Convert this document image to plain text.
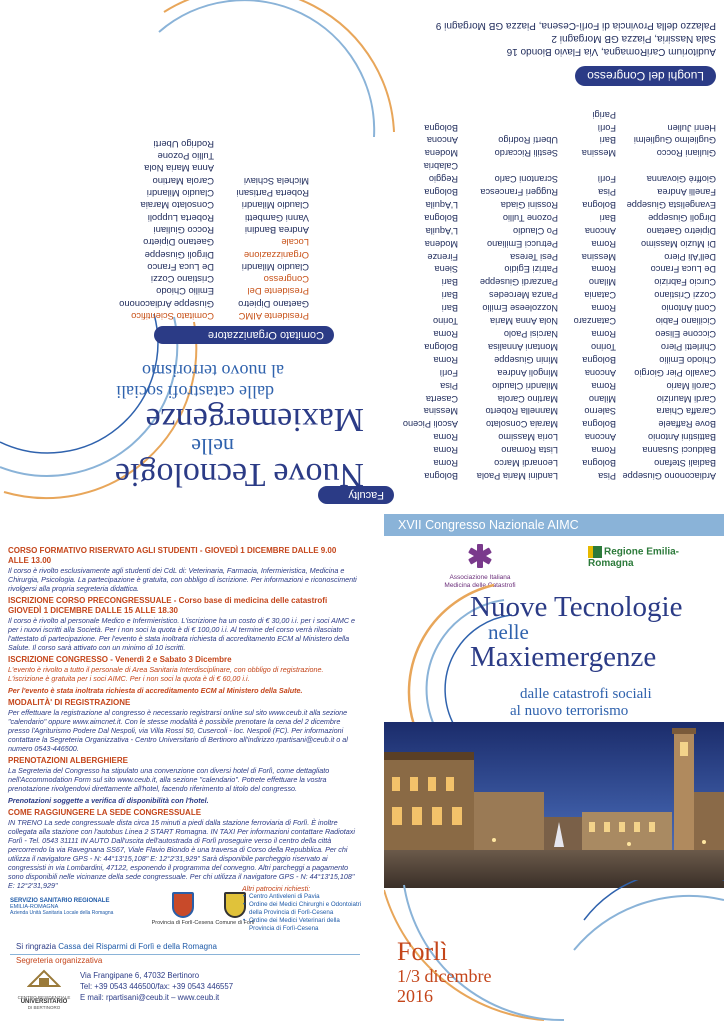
Luoghi del Congresso
Auditorium CariRomagna, Via Flavio Biondo 16
Sala Nassiria, Piazza GB Morgagni 2
Palazzo della Provincia di Forlì-Cesena, Piazza GB Morgagni 9
Faculty
Ardiaconono Giuseppe
Pisa
Landini Maria Paola
Bologna
Badiali Stefano
Bologna
Leonardi Marco
Roma
Balducci Susanna
Roma
Lista Romano
Roma
Battistini Antonio
Ancona
Loria Massimo
Roma
Bove Raffaele
Bologna
Maraia Consolato
Ascoli Piceno
Caraffa Chiara
Salerno
Mannella Roberto
Messina
Cardi Maurizio
Milano
Martino Carola
Caserta
Caroli Mario
Roma
Milandri Claudio
Pisa
Cavallo Pier Giorgio
Ancona
Mingoli Andrea
Forlì
Chiodo Emilio
Bologna
Minin Giuseppe
Roma
Chirletti Piero
Torino
Montani Annalisa
Bologna
Ciccone Eliseo
Roma
Narcisi Paolo
Roma
Ciciliano Fabio
Catanzaro
Nola Anna Maria
Torino
Conti Antonio
Roma
Nozzoleese Emilio
Bari
Cozzi Cristiano
Catania
Panza Mercedes
Bari
Curcio Fabrizio
Milano
Panzardi Giuseppe
Bari
De Luca Franco
Roma
Patrizi Egidio
Siena
Dell'Ali Piero
Messina
Pesi Teresa
Firenze
Di Muzio Massimo
Roma
Petrucci Emiliano
Modena
Dipietro Gaetano
Ancona
Po Claudio
L'Aquila
Dirgoli Giuseppe
Bari
Pozone Tullio
Bologna
Evangelista Giuseppe
Bologna
Rossini Giada
L'Aquila
Fanelli Andrea
Pisa
Ruggeri Francesca
Bologna
Gioffrè Giovanna
Forlì
Scrantoni Carlo
Reggio Calabria
Giuliani Rocco
Messina
Sestili Riccardo
Modena
Guglielmo Guglielmi
Bari
Ubertí Rodrigo
Ancona
Henri Julien
Forlì
Bologna
Parigi
Nuove Tecnologie
nelle
Maxiemergenze
dalle catastrofi sociali
al nuovo terrorismo
Comitato Organizzatore
Presidente AIMC
Gaetano Dipietro
Presidente Del Congresso
Claudio Milandri
Organizzazione Locale
Andrea Bandini
Vanni Gambetti
Claudio Milandri
Roberta Partisani
Michela Schiavi
Comitato Scientifico
Giuseppe Ardiaconono
Emilio Chiodo
Cristiano Cozzi
De Luca Franco
Dirgoli Giuseppe
Gaetano Dipietro
Rocco Giuliani
Roberta Luppoli
Consolato Maraia
Claudio Milandri
Carola Martino
Anna Maria Nola
Tullio Pozone
Rodrigo Uberti
XVII Congresso Nazionale AIMC
Regione Emilia-Romagna
Associazione Italiana
Medicina delle Catastrofi
Nuove Tecnologie
nelle
Maxiemergenze
dalle catastrofi sociali
al nuovo terrorismo
Forlì
1/3 dicembre
2016
CORSO FORMATIVO RISERVATO AGLI STUDENTI - GIOVEDÌ 1 DICEMBRE DALLE 9.00 ALLE 13.00
Il corso è rivolto esclusivamente agli studenti dei CdL di: Veterinaria, Farmacia, Infermieristica, Medicina e Chirurgia, Psicologia. La partecipazione è gratuita, con obbligo di iscrizione. Per informazioni e riconoscimenti rivolgersi alla propria segreteria didattica.
ISCRIZIONE CORSO PRECONGRESSUALE - Corso base di medicina delle catastrofi GIOVEDÌ 1 DICEMBRE DALLE 15 ALLE 18.30
Il corso è rivolto al personale Medico e Infermieristico. L'iscrizione ha un costo di € 30,00 i.i. per i soci AIMC e per i nuovi iscritti alla Società. Per i non soci la quota è di € 100,00 i.i. Al termine del corso verrà rilasciato l'attestato di partecipazione. Per l'evento è stata inoltrata richiesta di accreditamento ECM al Ministero della Salute. Il corso sarà attivato con un minimo di 10 iscritti.
ISCRIZIONE CONGRESSO - Venerdì 2 e Sabato 3 Dicembre
L'evento è rivolto a tutto il personale di Area Sanitaria Interdisciplinare, con obbligo di registrazione. L'iscrizione è gratuita per i soci AIMC. Per i non soci la quota è di € 60,00 i.i.
Per l'evento è stata inoltrata richiesta di accreditamento ECM al Ministero della Salute.
MODALITÀ' DI REGISTRAZIONE
Per effettuare la registrazione al congresso è necessario registrarsi online sul sito www.ceub.it alla sezione "calendario" oppure www.aimcnet.it. Con le stesse modalità è possibile prenotare la cena del 2 dicembre presso l'Agriturismo Podere Dal Nespoli, via Villa Rossi 50, Cusercoli - loc. Nespoli (FC). Per informazioni contattare la Segreteria Organizzativa - Centro Universitario di Bertinoro all'indirizzo rpartisani@ceub.it o al numero 0543-446500.
PRENOTAZIONI ALBERGHIERE
La Segreteria del Congresso ha stipulato una convenzione con diversi hotel di Forlì, come dettagliato nell'Accommodation Form sul sito www.ceub.it, alla sezione "calendario". Potrete effettuare la vostra prenotazione rivolgendovi direttamente all'hotel, facendo riferimento al titolo del congresso.
Prenotazioni soggette a verifica di disponibilità con l'hotel.
COME RAGGIUNGERE LA SEDE CONGRESSUALE
IN TRENO La sede congressuale dista circa 15 minuti a piedi dalla stazione ferroviaria di Forlì. È inoltre collegata alla stazione con l'autobus Linea 2 START Romagna. IN TAXI Per informazioni contattare Radiotaxi Forlì - Tel. 0543 31111 IN AUTO Dall'uscita dell'autostrada di Forlì proseguire verso il centro della città percorrendo la via Ravegnana SS67, Viale Flavio Biondo è una traversa di Corso della Repubblica. Per chi utilizza il navigatore GPS - N: 44°13'15,108" E: 12°2'31,929" Sarà disponibile parcheggio riservato ai congressisti in via Lombardini, 47122, esponendo il programma del convegno. Altri parcheggi a pagamento sono disponibili nelle vicinanze della sede congressuale. Per chi utilizza il navigatore GPS - N: 44°13'15,108" E: 12°2'31,929"
SERVIZIO SANITARIO REGIONALE
EMILIA-ROMAGNA
Azienda Unità Sanitaria Locale della Romagna
Provincia di Forlì-Cesena Comune di Forlì
Altri patrocini richiesti:
• Centro Antiveleni di Pavia
• Ordine dei Medici Chirurghi e Odontoiatri della Provincia di Forlì-Cesena
• Ordine dei Medici Veterinari della Provincia di Forlì-Cesena
Si ringrazia Cassa dei Risparmi di Forlì e della Romagna
Segreteria organizzativa
CENTRO RESIDENZIALE
UNIVERSITARIO
DI BERTINORO
Via Frangipane 6, 47032 Bertinoro
Tel: +39 0543 446500/fax: +39 0543 446557
E mail: rpartisani@ceub.it – www.ceub.it
